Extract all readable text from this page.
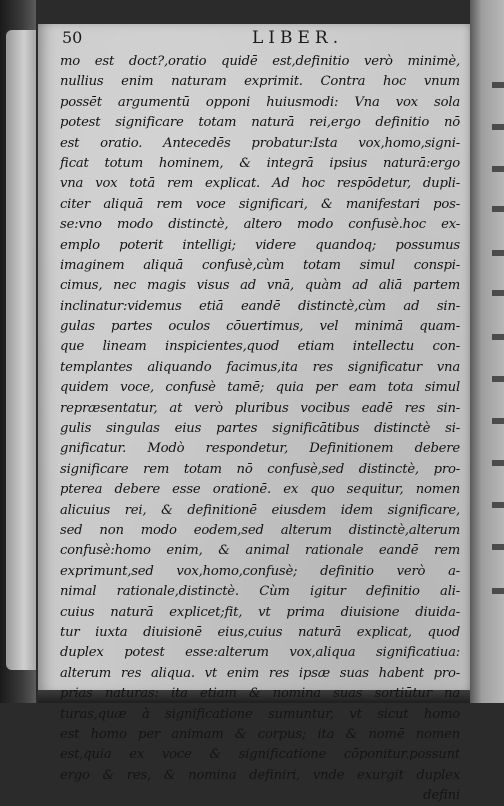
50	LIBER.
mo est doct?,oratio quidē est,definitio verò minimè,
nullius enim naturam exprimit. Contra hoc vnum
possēt argumentū opponi huiusmodi: Vna vox sola
potest significare totam naturā rei,ergo definitio nō
est oratio. Antecedēs probatur:Ista vox,homo,signi-
ficat totum hominem, & integrā ipsius naturā:ergo
vna vox totā rem explicat. Ad hoc respōdetur, dupli-
citer aliquā rem voce significari, & manifestari pos-
se:vno modo distinctè, altero modo confusè.hoc ex-
emplo poterit intelligi; videre quandoq; possumus
imaginem aliquā confusè,cùm totam simul conspi-
cimus, nec magis visus ad vnā, quàm ad aliā partem
inclinatur:videmus etiā eandē distinctè,cùm ad sin-
gulas partes oculos cōuertimus, vel minimā quam-
que lineam inspicientes,quod etiam intellectu con-
templantes aliquando facimus,ita res significatur vna
quidem voce, confusè tamē; quia per eam tota simul
repræsentatur, at verò pluribus vocibus eadē res sin-
gulis singulas eius partes significātibus distinctè si-
gnificatur. Modò respondetur, Definitionem debere
significare rem totam nō confusè,sed distinctè, pro-
pterea debere esse orationē. ex quo sequitur, nomen
alicuius rei, & definitionē eiusdem idem significare,
sed non modo eodem,sed alterum distinctè,alterum
confusè:homo enim, & animal rationale eandē rem
exprimunt,sed vox,homo,confusè; definitio verò a-
nimal rationale,distinctè. Cùm igitur definitio ali-
cuius naturā explicet;fit, vt prima diuisione diuida-
tur iuxta diuisionē eius,cuius naturā explicat, quod
duplex potest esse:alterum vox,aliqua significatiua:
alterum res aliqua. vt enim res ipsæ suas habent pro-
prias naturas: ita etiam & nomina suas sortiūtur na
turas,quæ à significatione sumuntur, vt sicut homo
est homo per animam & corpus; ita & nomē nomen
est,quia ex voce & significatione cōponitur.possunt
ergo & res, & nomina definiri, vnde exurgit duplex
defini
